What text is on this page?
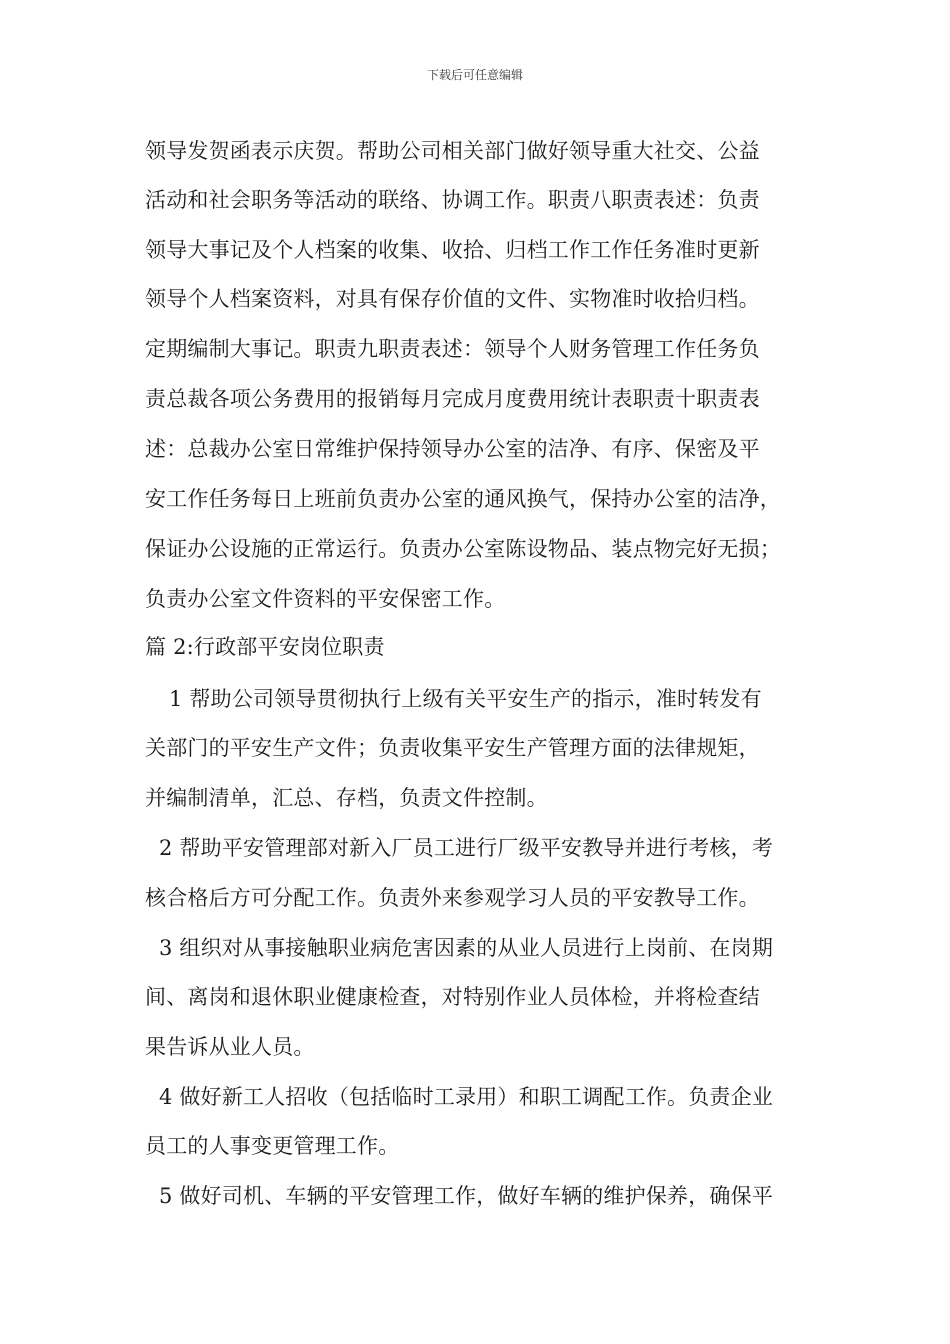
下载后可任意编辑
领导发贺函表示庆贺。帮助公司相关部门做好领导重大社交、公益
活动和社会职务等活动的联络、协调工作。职责八职责表述：负责
领导大事记及个人档案的收集、收拾、归档工作工作任务准时更新
领导个人档案资料，对具有保存价值的文件、实物准时收拾归档。
定期编制大事记。职责九职责表述：领导个人财务管理工作任务负
责总裁各项公务费用的报销每月完成月度费用统计表职责十职责表
述：总裁办公室日常维护保持领导办公室的洁净、有序、保密及平
安工作任务每日上班前负责办公室的通风换气，保持办公室的洁净，
保证办公设施的正常运行。负责办公室陈设物品、装点物完好无损；
负责办公室文件资料的平安保密工作。
篇 2:行政部平安岗位职责
1 帮助公司领导贯彻执行上级有关平安生产的指示，准时转发有
关部门的平安生产文件；负责收集平安生产管理方面的法律规矩，
并编制清单，汇总、存档，负责文件控制。
2 帮助平安管理部对新入厂员工进行厂级平安教导并进行考核，考
核合格后方可分配工作。负责外来参观学习人员的平安教导工作。
3 组织对从事接触职业病危害因素的从业人员进行上岗前、在岗期
间、离岗和退休职业健康检查，对特别作业人员体检，并将检查结
果告诉从业人员。
4 做好新工人招收（包括临时工录用）和职工调配工作。负责企业
员工的人事变更管理工作。
5 做好司机、车辆的平安管理工作，做好车辆的维护保养，确保平
